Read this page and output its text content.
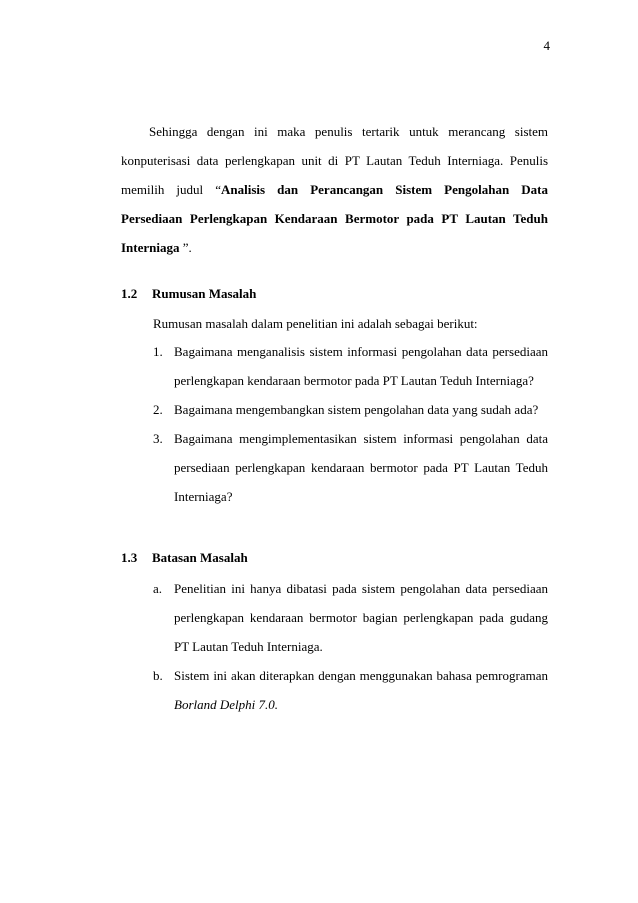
4
Sehingga dengan ini maka penulis tertarik untuk merancang sistem
konputerisasi data perlengkapan unit di PT Lautan Teduh Interniaga. Penulis
memilih judul “Analisis dan Perancangan Sistem Pengolahan Data
Persediaan Perlengkapan Kendaraan Bermotor pada PT Lautan Teduh
Interniaga ”.
1.2 Rumusan Masalah
Rumusan masalah dalam penelitian ini adalah sebagai berikut:
1. Bagaimana menganalisis sistem informasi pengolahan data persediaan
perlengkapan kendaraan bermotor pada PT Lautan Teduh Interniaga?
2. Bagaimana mengembangkan sistem pengolahan data yang sudah ada?
3. Bagaimana mengimplementasikan sistem informasi pengolahan data
persediaan perlengkapan kendaraan bermotor pada PT Lautan Teduh
Interniaga?
1.3 Batasan Masalah
a. Penelitian ini hanya dibatasi pada sistem pengolahan data persediaan
perlengkapan kendaraan bermotor bagian perlengkapan pada gudang
PT Lautan Teduh Interniaga.
b. Sistem ini akan diterapkan dengan menggunakan bahasa pemrograman
Borland Delphi 7.0.
